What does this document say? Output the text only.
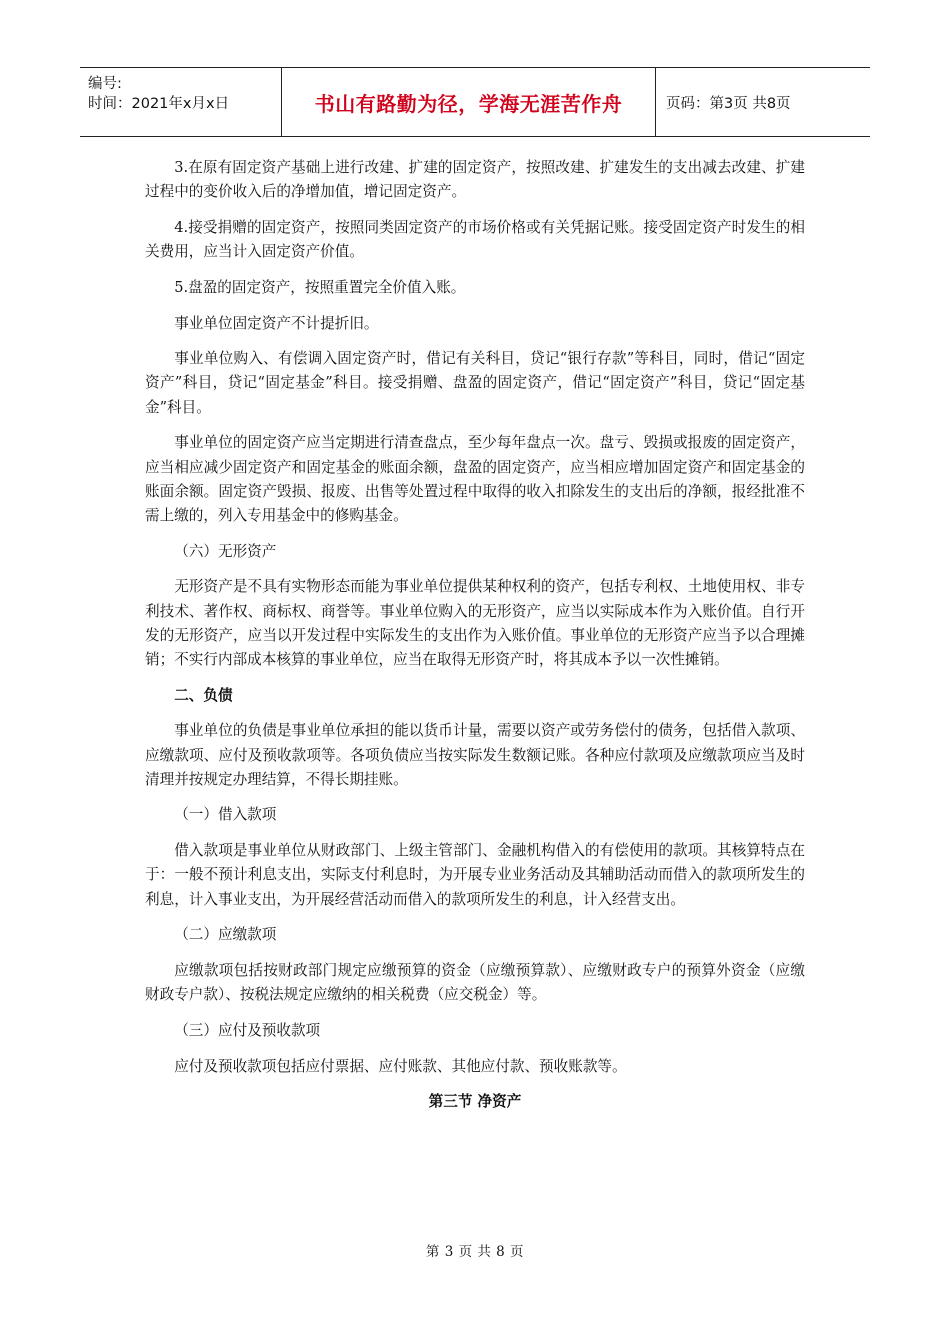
编号:
时间：2021年x月x日	书山有路勤为径，学海无涯苦作舟	页码：第3页 共8页

3.在原有固定资产基础上进行改建、扩建的固定资产，按照改建、扩建发生的支出减去改建、扩建过程中的变价收入后的净增加值，增记固定资产。

4.接受捐赠的固定资产，按照同类固定资产的市场价格或有关凭据记账。接受固定资产时发生的相关费用，应当计入固定资产价值。

5.盘盈的固定资产，按照重置完全价值入账。

事业单位固定资产不计提折旧。

事业单位购入、有偿调入固定资产时，借记有关科目，贷记“银行存款”等科目，同时，借记“固定资产”科目，贷记“固定基金”科目。接受捐赠、盘盈的固定资产，借记“固定资产”科目，贷记“固定基金”科目。

事业单位的固定资产应当定期进行清查盘点，至少每年盘点一次。盘亏、毁损或报废的固定资产，应当相应减少固定资产和固定基金的账面余额，盘盈的固定资产，应当相应增加固定资产和固定基金的账面余额。固定资产毁损、报废、出售等处置过程中取得的收入扣除发生的支出后的净额，报经批准不需上缴的，列入专用基金中的修购基金。

（六）无形资产

无形资产是不具有实物形态而能为事业单位提供某种权利的资产，包括专利权、土地使用权、非专利技术、著作权、商标权、商誉等。事业单位购入的无形资产，应当以实际成本作为入账价值。自行开发的无形资产，应当以开发过程中实际发生的支出作为入账价值。事业单位的无形资产应当予以合理摊销；不实行内部成本核算的事业单位，应当在取得无形资产时，将其成本予以一次性摊销。

二、负债

事业单位的负债是事业单位承担的能以货币计量，需要以资产或劳务偿付的债务，包括借入款项、应缴款项、应付及预收款项等。各项负债应当按实际发生数额记账。各种应付款项及应缴款项应当及时清理并按规定办理结算，不得长期挂账。

（一）借入款项

借入款项是事业单位从财政部门、上级主管部门、金融机构借入的有偿使用的款项。其核算特点在于：一般不预计利息支出，实际支付利息时，为开展专业业务活动及其辅助活动而借入的款项所发生的利息，计入事业支出，为开展经营活动而借入的款项所发生的利息，计入经营支出。

（二）应缴款项

应缴款项包括按财政部门规定应缴预算的资金（应缴预算款）、应缴财政专户的预算外资金（应缴财政专户款）、按税法规定应缴纳的相关税费（应交税金）等。

（三）应付及预收款项

应付及预收款项包括应付票据、应付账款、其他应付款、预收账款等。

第三节 净资产

第 3 页 共 8 页
